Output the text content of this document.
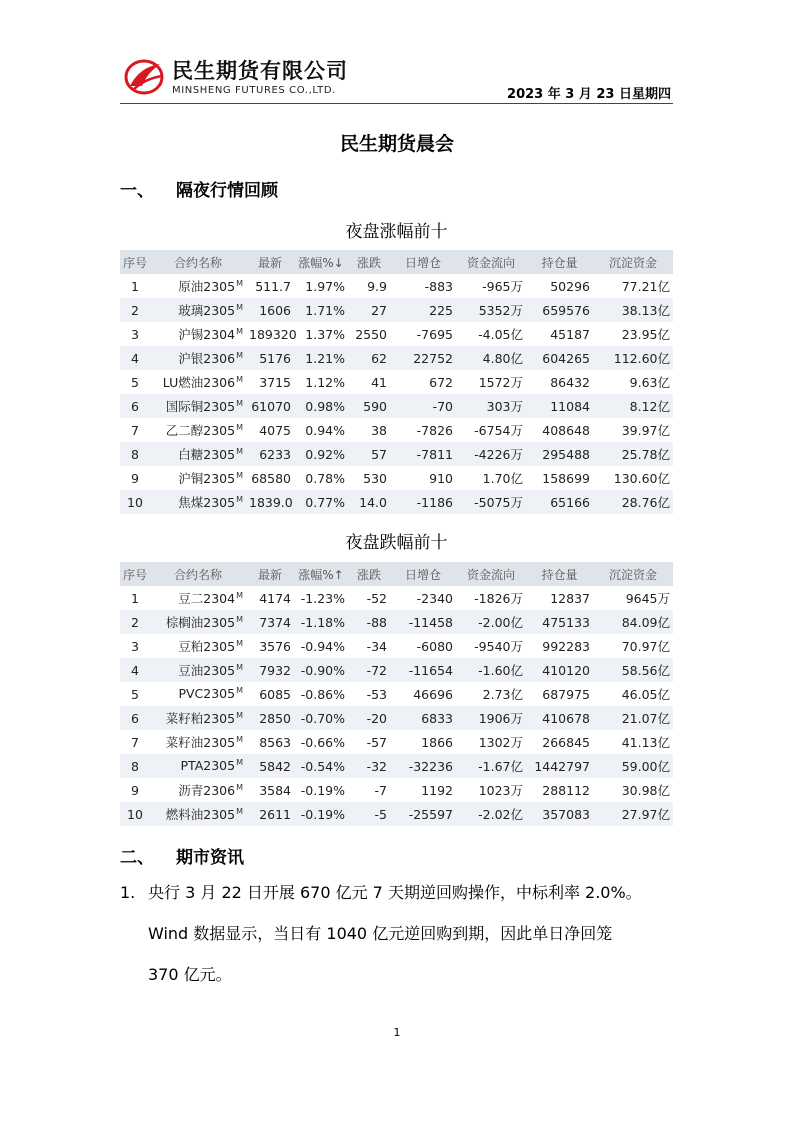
民生期货有限公司
MINSHENG FUTURES CO.,LTD.	2023 年 3 月 23 日星期四
民生期货晨会
一、 隔夜行情回顾
夜盘涨幅前十
序号	合约名称	最新	涨幅%↓	涨跌	日增仓	资金流向	持仓量	沉淀资金
1	原油$2305^M$	511.7	1.97%	9.9	-883	-965万	50296	77.21亿
2	玻璃$2305^M$	1606	1.71%	27	225	5352万	659576	38.13亿
3	沪锡$2304^M$	189320	1.37%	2550	-7695	-4.05亿	45187	23.95亿
4	沪银$2306^M$	5176	1.21%	62	22752	4.80亿	604265	112.60亿
5	LU燃油$2306^M$	3715	1.12%	41	672	1572万	86432	9.63亿
6	国际铜$2305^M$	61070	0.98%	590	-70	303万	11084	8.12亿
7	乙二醇$2305^M$	4075	0.94%	38	-7826	-6754万	408648	39.97亿
8	白糖$2305^M$	6233	0.92%	57	-7811	-4226万	295488	25.78亿
9	沪铜$2305^M$	68580	0.78%	530	910	1.70亿	158699	130.60亿
10	焦煤$2305^M$	1839.0	0.77%	14.0	-1186	-5075万	65166	28.76亿
夜盘跌幅前十
序号	合约名称	最新	涨幅%↑	涨跌	日增仓	资金流向	持仓量	沉淀资金
1	豆二$2304^M$	4174	-1.23%	-52	-2340	-1826万	12837	9645万
2	棕榈油$2305^M$	7374	-1.18%	-88	-11458	-2.00亿	475133	84.09亿
3	豆粕$2305^M$	3576	-0.94%	-34	-6080	-9540万	992283	70.97亿
4	豆油$2305^M$	7932	-0.90%	-72	-11654	-1.60亿	410120	58.56亿
5	$PVC2305^M$	6085	-0.86%	-53	46696	2.73亿	687975	46.05亿
6	菜籽粕$2305^M$	2850	-0.70%	-20	6833	1906万	410678	21.07亿
7	菜籽油$2305^M$	8563	-0.66%	-57	1866	1302万	266845	41.13亿
8	$PTA2305^M$	5842	-0.54%	-32	-32236	-1.67亿	1442797	59.00亿
9	沥青$2306^M$	3584	-0.19%	-7	1192	1023万	288112	30.98亿
10	燃料油$2305^M$	2611	-0.19%	-5	-25597	-2.02亿	357083	27.97亿
二、 期市资讯
1. 央行 3 月 22 日开展 670 亿元 7 天期逆回购操作，中标利率 2.0%。
Wind 数据显示，当日有 1040 亿元逆回购到期，因此单日净回笼
370 亿元。
1
